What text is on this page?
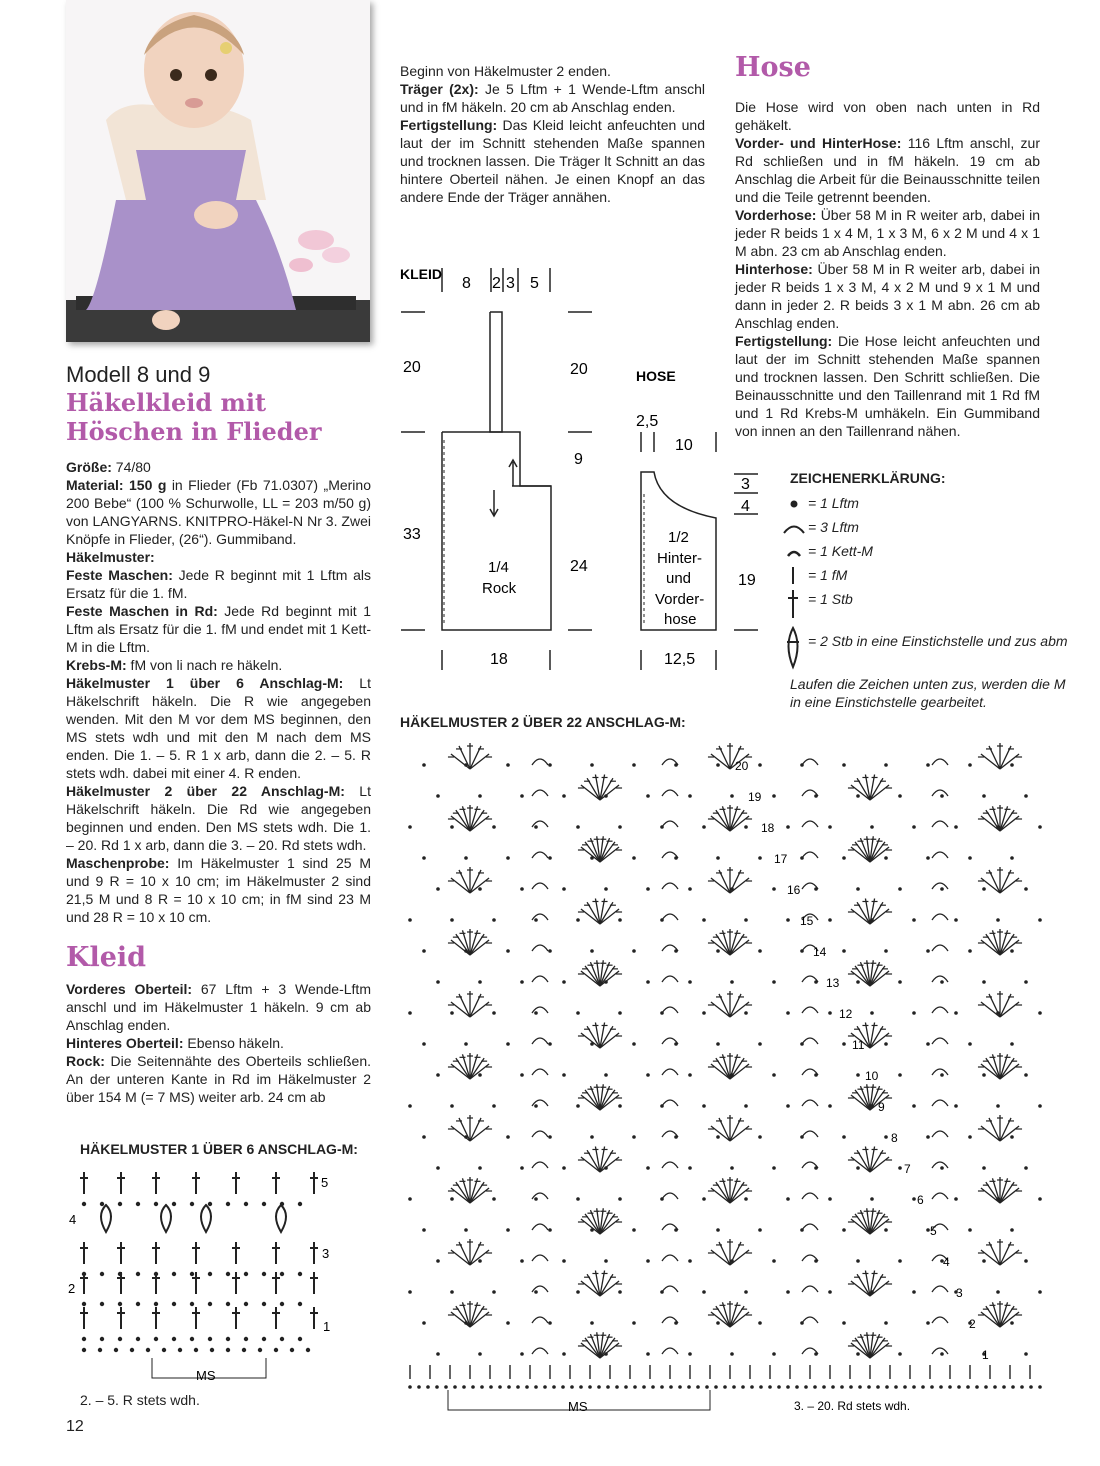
Modell 8 und 9
Häkelkleid mit
Höschen in Flieder
Größe: 74/80
Material: 150 g in Flieder (Fb 71.0307) „Merino 200 Bebe“ (100 % Schurwolle, LL = 203 m/50 g) von LANGYARNS. KNITPRO-Häkel-N Nr 3. Zwei Knöpfe in Flieder, (26“). Gummiband.
Häkelmuster:
Feste Maschen: Jede R beginnt mit 1 Lftm als Ersatz für die 1. fM.
Feste Maschen in Rd: Jede Rd beginnt mit 1 Lftm als Ersatz für die 1. fM und endet mit 1 Kett-M in die Lftm.
Krebs-M: fM von li nach re häkeln.
Häkelmuster 1 über 6 Anschlag-M: Lt Häkelschrift häkeln. Die R wie angegeben wenden. Mit den M vor dem MS beginnen, den MS stets wdh und mit den M nach dem MS enden. Die 1. – 5. R 1 x arb, dann die 2. – 5. R stets wdh. dabei mit einer 4. R enden.
Häkelmuster 2 über 22 Anschlag-M: Lt Häkelschrift häkeln. Die Rd wie angegeben beginnen und enden. Den MS stets wdh. Die 1. – 20. Rd 1 x arb, dann die 3. – 20. Rd stets wdh.
Maschenprobe: Im Häkelmuster 1 sind 25 M und 9 R = 10 x 10 cm; im Häkelmuster 2 sind 21,5 M und 8 R = 10 x 10 cm; in fM sind 23 M und 28 R = 10 x 10 cm.
Kleid
Vorderes Oberteil: 67 Lftm + 3 Wende-Lftm anschl und im Häkelmuster 1 häkeln. 9 cm ab Anschlag enden.
Hinteres Oberteil: Ebenso häkeln.
Rock: Die Seitennähte des Oberteils schließen. An der unteren Kante in Rd im Häkelmuster 2 über 154 M (= 7 MS) weiter arb. 24 cm ab
HÄKELMUSTER 1 ÜBER 6 ANSCHLAG-M:
5
4
3
2
1
MS
2. – 5. R stets wdh.
12
Beginn von Häkelmuster 2 enden.
Träger (2x): Je 5 Lftm + 1 Wende-Lftm anschl und in fM häkeln. 20 cm ab Anschlag enden.
Fertigstellung: Das Kleid leicht anfeuchten und laut der im Schnitt stehenden Maße spannen und trocknen lassen. Die Träger lt Schnitt an das hintere Oberteil nähen. Je einen Knopf an das andere Ende der Träger annähen.
KLEID
8 2 3 5
20
33
20
9
24
1/4
Rock
18
HOSE
2,5
10
1/2
Hinter-
und
Vorder-
hose
3
4
19
12,5
Hose
Die Hose wird von oben nach unten in Rd gehäkelt.
Vorder- und HinterHose: 116 Lftm anschl, zur Rd schließen und in fM häkeln. 19 cm ab Anschlag die Arbeit für die Beinausschnitte teilen und die Teile getrennt beenden.
Vorderhose: Über 58 M in R weiter arb, dabei in jeder R beids 1 x 4 M, 1 x 3 M, 6 x 2 M und 4 x 1 M abn. 23 cm ab Anschlag enden.
Hinterhose: Über 58 M in R weiter arb, dabei in jeder R beids 1 x 3 M, 4 x 2 M und 9 x 1 M und dann in jeder 2. R beids 3 x 1 M abn. 26 cm ab Anschlag enden.
Fertigstellung: Die Hose leicht anfeuchten und laut der im Schnitt stehenden Maße spannen und trocknen lassen. Den Schritt schließen. Die Beinausschnitte und den Taillenrand mit 1 Rd fM und 1 Rd Krebs-M umhäkeln. Ein Gummiband von innen an den Taillenrand nähen.
ZEICHENERKLÄRUNG:
= 1 Lftm
= 3 Lftm
= 1 Kett-M
= 1 fM
= 1 Stb
= 2 Stb in eine Einstichstelle und zus abm
Laufen die Zeichen unten zus, werden die M in eine Einstichstelle gearbeitet.
HÄKELMUSTER 2 ÜBER 22 ANSCHLAG-M:
20
19
18
17
16
15
14
13
12
11
10
9
8
7
6
5
4
3
2
1
MS	3. – 20. Rd stets wdh.
